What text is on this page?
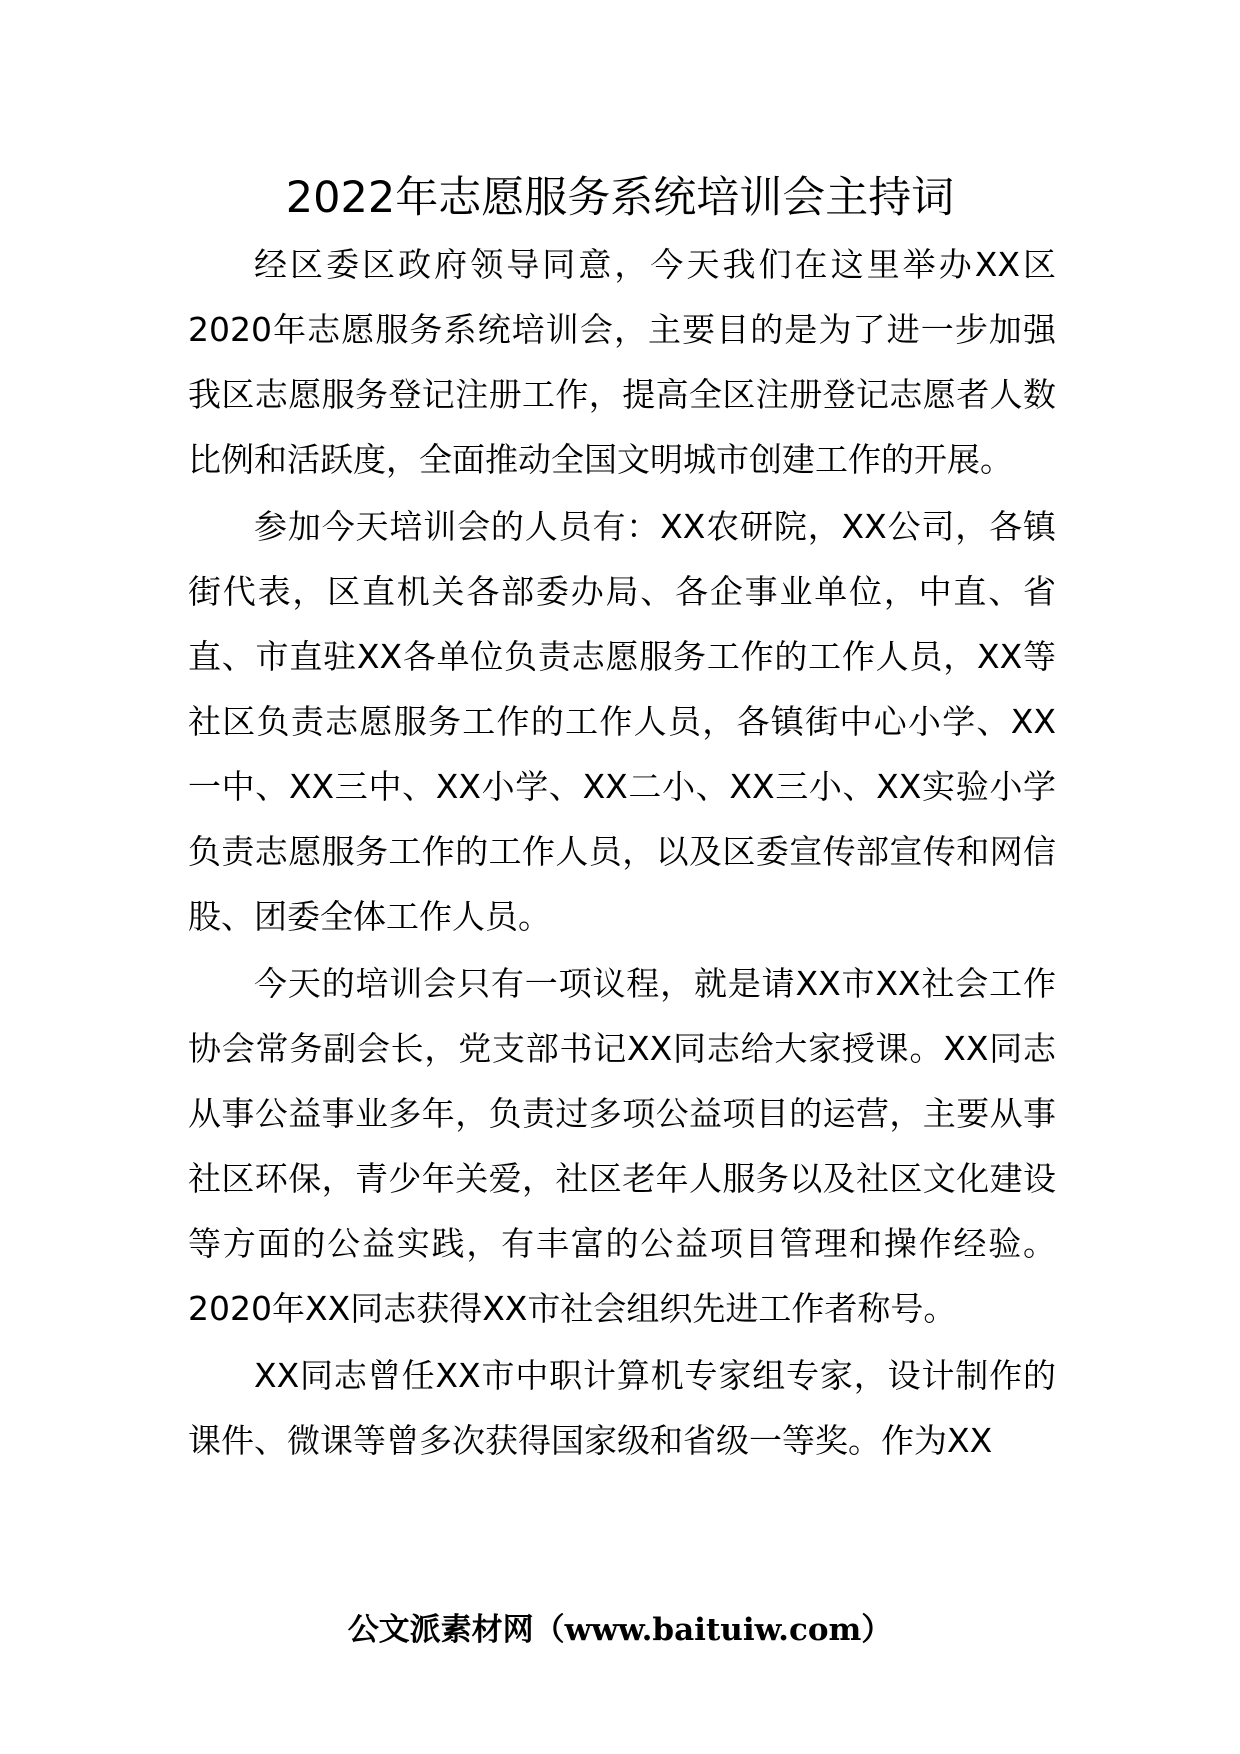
2022年志愿服务系统培训会主持词

经区委区政府领导同意，今天我们在这里举办XX区2020年志愿服务系统培训会，主要目的是为了进一步加强我区志愿服务登记注册工作，提高全区注册登记志愿者人数比例和活跃度，全面推动全国文明城市创建工作的开展。

参加今天培训会的人员有：XX农研院，XX公司，各镇街代表，区直机关各部委办局、各企事业单位，中直、省直、市直驻XX各单位负责志愿服务工作的工作人员，XX等社区负责志愿服务工作的工作人员，各镇街中心小学、XX一中、XX三中、XX小学、XX二小、XX三小、XX实验小学负责志愿服务工作的工作人员，以及区委宣传部宣传和网信股、团委全体工作人员。

今天的培训会只有一项议程，就是请XX市XX社会工作协会常务副会长，党支部书记XX同志给大家授课。XX同志从事公益事业多年，负责过多项公益项目的运营，主要从事社区环保，青少年关爱，社区老年人服务以及社区文化建设等方面的公益实践，有丰富的公益项目管理和操作经验。2020年XX同志获得XX市社会组织先进工作者称号。

XX同志曾任XX市中职计算机专家组专家，设计制作的课件、微课等曾多次获得国家级和省级一等奖。作为XX

公文派素材网（www.baituiw.com）
